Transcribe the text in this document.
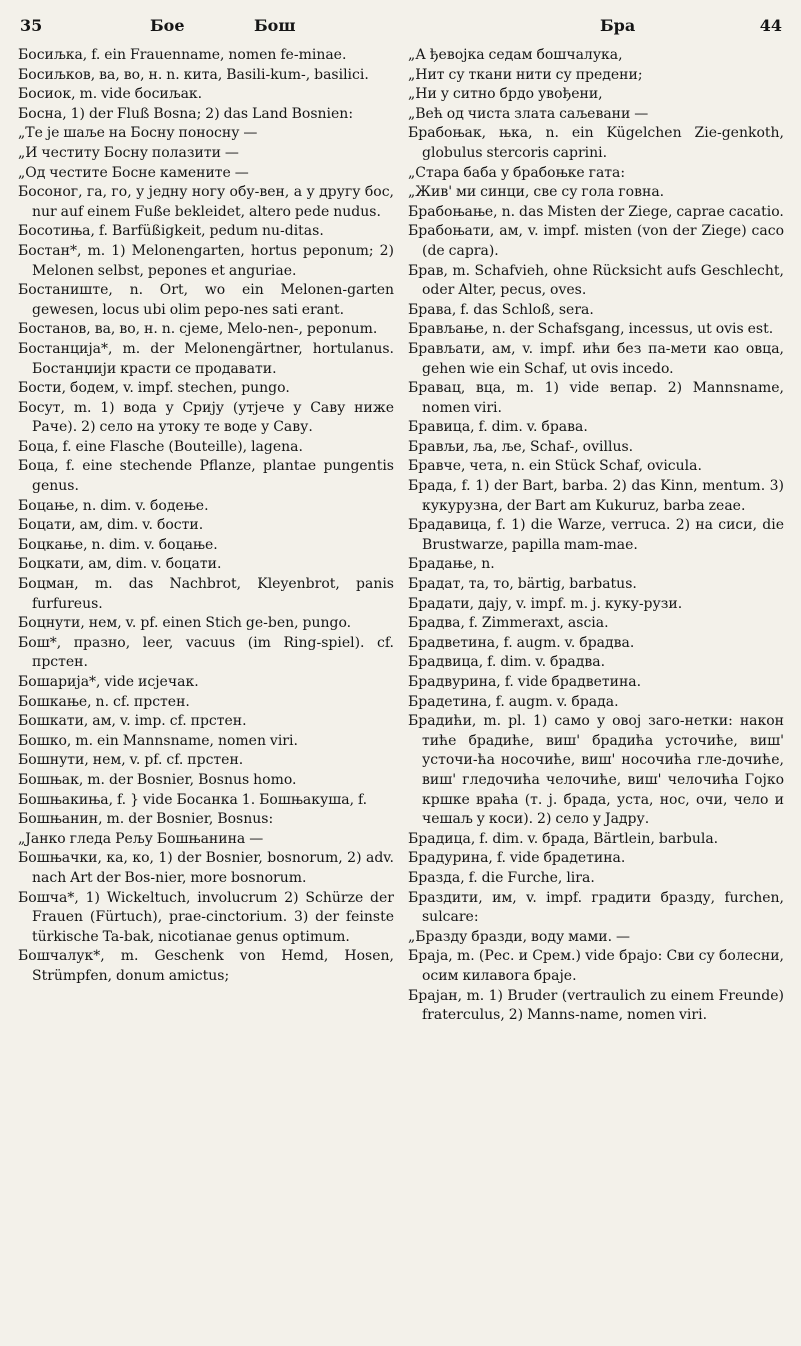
35	Бое	Бош	Бра	44

Босиљка, f. ein Frauenname, nomen fe-minae.

Босиљков, ва, во, н. n. кита, Basili-kum-, basilici.

Босиок, m. vide босиљак.

Босна, 1) der Fluß Bosna; 2) das Land Bosnien:

„Те је шаље на Босну поносну —

„И честиту Босну полазити —

„Од честите Босне каменитe —

Босоног, га, го, у једну ногу обу-вен, а у другу бос, nur auf einem Fuße bekleidet, altero pede nudus.

Босотиња, f. Barfüßigkeit, pedum nu-ditas.

Бостан*, m. 1) Melonengarten, hortus peponum; 2) Melonen selbst, pepones et anguriae.

Бостаниште, n. Ort, wo ein Melonen-garten gewesen, locus ubi olim pepo-nes sati erant.

Бостанов, ва, во, н. n. сјеме, Melo-nen-, peponum.

Бостанција*, m. der Melonengärtner, hortulanus. Бостанџији красти се продавати.

Бости, бодем, v. impf. stechen, pungo.

Босут, m. 1) вода у Срију (утјече у Саву ниже Раче). 2) село на утоку те воде у Саву.

Боца, f. eine Flasche (Bouteille), lagena.

Боца, f. eine stechende Pflanze, plantae pungentis genus.

Боцање, n. dim. v. бодење.

Боцати, ам, dim. v. бости.

Боцкање, n. dim. v. боцање.

Боцкати, ам, dim. v. боцати.

Боцман, m. das Nachbrot, Kleyenbrot, panis furfureus.

Боцнути, нем, v. pf. einen Stich ge-ben, pungo.

Бош*, празно, leer, vacuus (im Ring-spiel). cf. прстен.

Бошарија*, vide исјечак.

Бошкање, n. cf. прстен.

Бошкати, ам, v. imp. cf. прстен.

Бошко, m. ein Mannsname, nomen viri.

Бошнути, нем, v. pf. cf. прстен.

Бошњак, m. der Bosnier, Bosnus homo.

Бошњакиња, f. } vide Босанка 1. Бошњакуша, f.

Бошњанин, m. der Bosnier, Bosnus:

„Јанко гледа Рељу Бошњанина —

Бошњачки, ка, ко, 1) der Bosnier, bosnorum, 2) adv. nach Art der Bos-nier, more bosnorum.

Бошча*, 1) Wickeltuch, involucrum 2) Schürze der Frauen (Fürtuch), prae-cinctorium. 3) der feinste türkische Ta-bak, nicotianae genus optimum.

Бошчалук*, m. Geschenk von Hemd, Hosen, Strümpfen, donum amictus;

„А ђевојка седам бошчалука,

„Нит су ткани нити су предени;

„Ни у ситно брдо увођени,

„Већ од чиста злата саљевани —

Брабоњак, њка, n. ein Kügelchen Zie-genkoth, globulus stercoris caprini.

„Стара баба у брабоњке гата:

„Жив' ми синци, све су гола говна.

Брабоњање, n. das Misten der Ziege, caprae cacatio.

Брабоњати, ам, v. impf. misten (von der Ziege) caco (de capra).

Брав, m. Schafvieh, ohne Rücksicht aufs Geschlecht, oder Alter, pecus, oves.

Брава, f. das Schloß, sera.

Брављање, n. der Schafsgang, incessus, ut ovis est.

Брављати, ам, v. impf. ићи без па-мети као овца, gehen wie ein Schaf, ut ovis incedo.

Бравац, вца, m. 1) vide вепар. 2) Mannsname, nomen viri.

Бравица, f. dim. v. брава.

Брављи, ља, ље, Schaf-, ovillus.

Бравче, чета, n. ein Stück Schaf, ovicula.

Брада, f. 1) der Bart, barba. 2) das Kinn, mentum. 3) кукурузна, der Bart am Kukuruz, barba zeae.

Брадавица, f. 1) die Warze, verruca. 2) на сиси, die Brustwarze, papilla mam-mae.

Брадање, n.

Брадат, та, то, bärtig, barbatus.

Брадати, дају, v. impf. m. j. куку-рузи.

Брадва, f. Zimmeraxt, ascia.

Брадветина, f. augm. v. брадва.

Брадвица, f. dim. v. брадва.

Брадвурина, f. vide брадветина.

Брадетина, f. augm. v. брада.

Брадићи, m. pl. 1) само у овој заго-нетки: након тиће брадиће, виш' брадића усточиће, виш' усточи-ћа носочиће, виш' носочића гле-дочиће, виш' гледочића челочиће, виш' челочића Гојко кршке враћа (т. ј. брада, уста, нос, очи, чело и чешаљ у коси). 2) село у Јадру.

Брадица, f. dim. v. брада, Bärtlein, barbula.

Брадурина, f. vide брадетина.

Бразда, f. die Furche, lira.

Браздити, им, v. impf. градити бразду, furchen, sulcare:

„Бразду бразди, воду мами. —

Браја, m. (Рес. и Срем.) vide брајо: Сви су болесни, осим килавога браје.

Брајан, m. 1) Bruder (vertraulich zu einem Freunde) fraterculus, 2) Manns-name, nomen viri.
